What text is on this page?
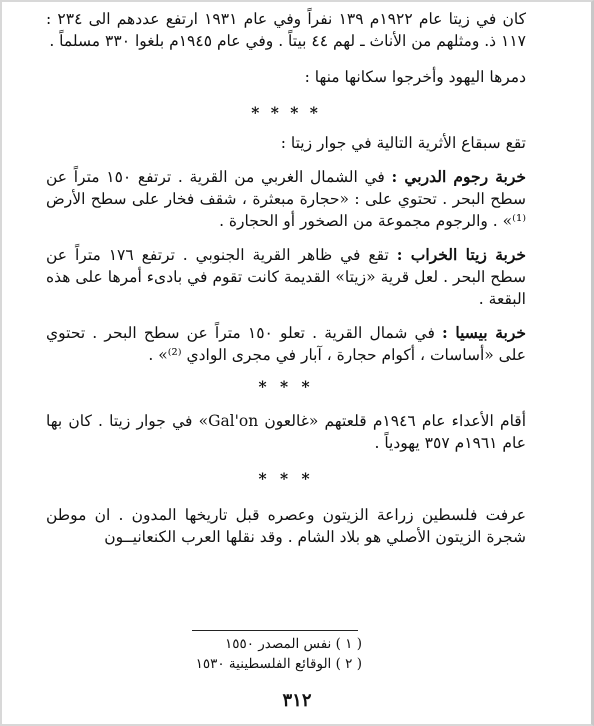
كان في زيتا عام ١٩٢٢م ١٣٩ نفراً وفي عام ١٩٣١ ارتفع عددهم الى ٢٣٤ : ١١٧ ذ. ومثلهم من الأناث ـ لهم ٤٤ بيتاً . وفي عام ١٩٤٥م بلغوا ٣٣٠ مسلماً .

دمرها اليهود وأخرجوا سكانها منها :

* * * *

تقع سبقاع الأثرية التالية في جوار زيتا :

خربة رجوم الدربي : في الشمال الغربي من القرية . ترتفع ١٥٠ متراً عن سطح البحر . تحتوي على : «حجارة مبعثرة ، شقف فخار على سطح الأرض ⁽¹⁾» . والرجوم مجموعة من الصخور أو الحجارة .

خربة زيتا الخراب : تقع في ظاهر القرية الجنوبي . ترتفع ١٧٦ متراً عن سطح البحر . لعل قرية «زيتا» القديمة كانت تقوم في بادىء أمرها على هذه البقعة .

خربة بيسيا : في شمال القرية . تعلو ١٥٠ متراً عن سطح البحر . تحتوي على «أساسات ، أكوام حجارة ، آبار في مجرى الوادي ⁽²⁾» .

* * *

أقام الأعداء عام ١٩٤٦م قلعتهم «غالعون Gal'on» في جوار زيتا . كان بها عام ١٩٦١م ٣٥٧ يهودياً .

* * *

عرفت فلسطين زراعة الزيتون وعصره قبل تاريخها المدون . ان موطن شجرة الزيتون الأصلي هو بلاد الشام . وقد نقلها العرب الكنعانيــون

( ١ ) نفس المصدر ١٥٥٠
( ٢ ) الوقائع الفلسطينية ١٥٣٠
٣١٢
